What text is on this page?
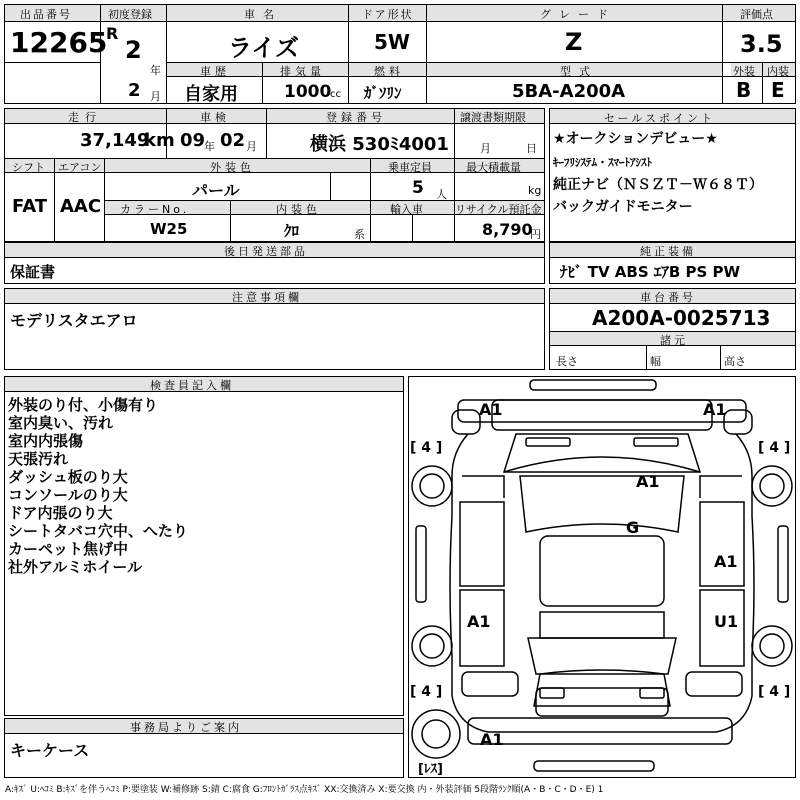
出品番号
12265
初度登録
R
2
年
2 月
車名
ライズ
ドア形状
5W
グレード
Z
評価点
3.5
車歴
自家用
排気量
1000
cc
燃料
ｶﾞｿﾘﾝ
型式
5BA-A200A
外装
B
内装
E
走行
37,149
km
車検
09
年 02 月
登録番号
横浜 530ﾐ4001
譲渡書類期限
月	日
シフト
FAT
エアコン
AAC
外装色
パール
乗車定員
5 人
最大積載量
kg
カラーNo.
W25
内装色
ｸﾛ	系
輸入車	リサイクル預託金
8,790
円
セールスポイント
★オークションデビュー★
ｷｰﾌﾘｼｽﾃﾑ・ｽﾏｰﾄｱｼｽﾄ
純正ナビ（ＮＳＺＴ－Ｗ６８Ｔ）
バックガイドモニター
後日発送部品
保証書
純正装備
ﾅﾋﾞ TV ABS ｴｱB PS PW
注意事項欄
モデリスタエアロ
車台番号
A200A-0025713
諸元
長さ	幅	高さ
検査員記入欄
外装のり付、小傷有り
室内臭い、汚れ
室内内張傷
天張汚れ
ダッシュ板のり大
コンソールのり大
ドア内張のり大
シートタバコ穴中、へたり
カーペット焦げ中
社外アルミホイール
事務局よりご案内
キーケース
A1	A1
A1
G
A1
A1	U1
A1
[ 4 ]	[ 4 ]
[ 4 ]	[ 4 ]
[ﾚｽ]
A:ｷｽﾞ U:ﾍｺﾐ B:ｷｽﾞを伴うﾍｺﾐ P:要塗装 W:補修跡 S:錆 C:腐食 G:ﾌﾛﾝﾄｶﾞﾗｽ点ｷｽﾞ XX:交換済み X:要交換 内・外装評価 5段階ﾗﾝｸ順(A・B・C・D・E) 1
